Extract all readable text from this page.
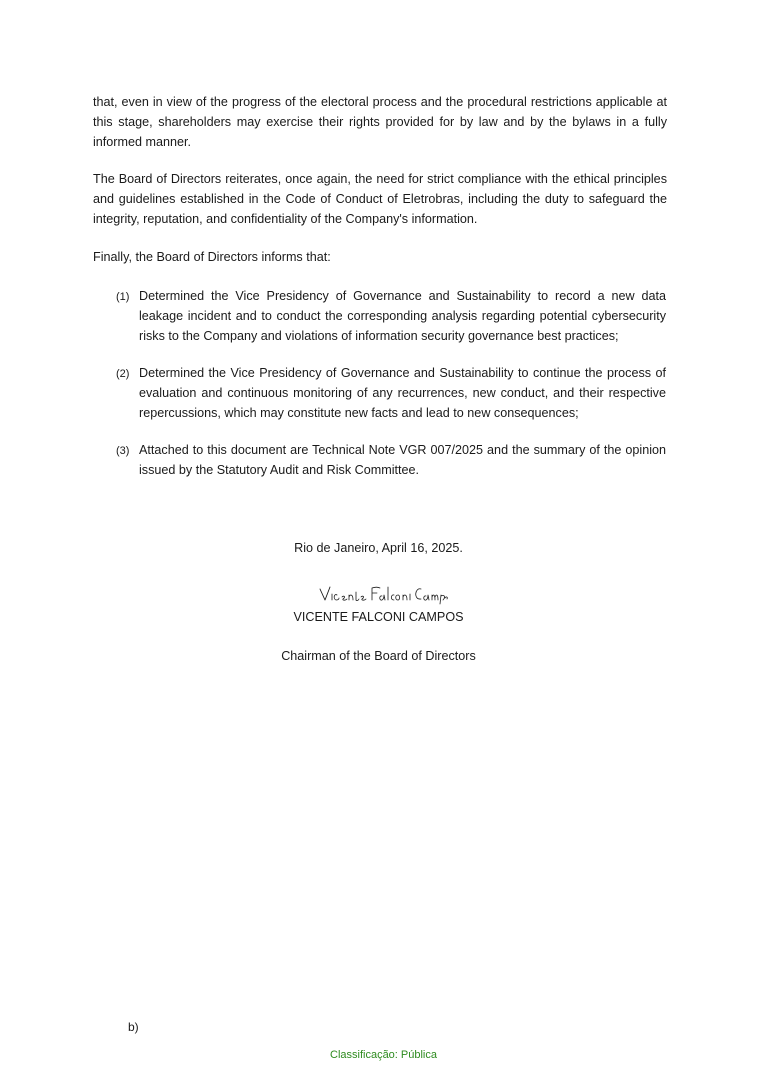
that, even in view of the progress of the electoral process and the procedural restrictions applicable at this stage, shareholders may exercise their rights provided for by law and by the bylaws in a fully informed manner.

The Board of Directors reiterates, once again, the need for strict compliance with the ethical principles and guidelines established in the Code of Conduct of Eletrobras, including the duty to safeguard the integrity, reputation, and confidentiality of the Company's information.

Finally, the Board of Directors informs that:

(1) Determined the Vice Presidency of Governance and Sustainability to record a new data leakage incident and to conduct the corresponding analysis regarding potential cybersecurity risks to the Company and violations of information security governance best practices;

(2) Determined the Vice Presidency of Governance and Sustainability to continue the process of evaluation and continuous monitoring of any recurrences, new conduct, and their respective repercussions, which may constitute new facts and lead to new consequences;

(3) Attached to this document are Technical Note VGR 007/2025 and the summary of the opinion issued by the Statutory Audit and Risk Committee.

Rio de Janeiro, April 16, 2025.
VICENTE FALCONI CAMPOS
Chairman of the Board of Directors
b)
Classificação: Pública
